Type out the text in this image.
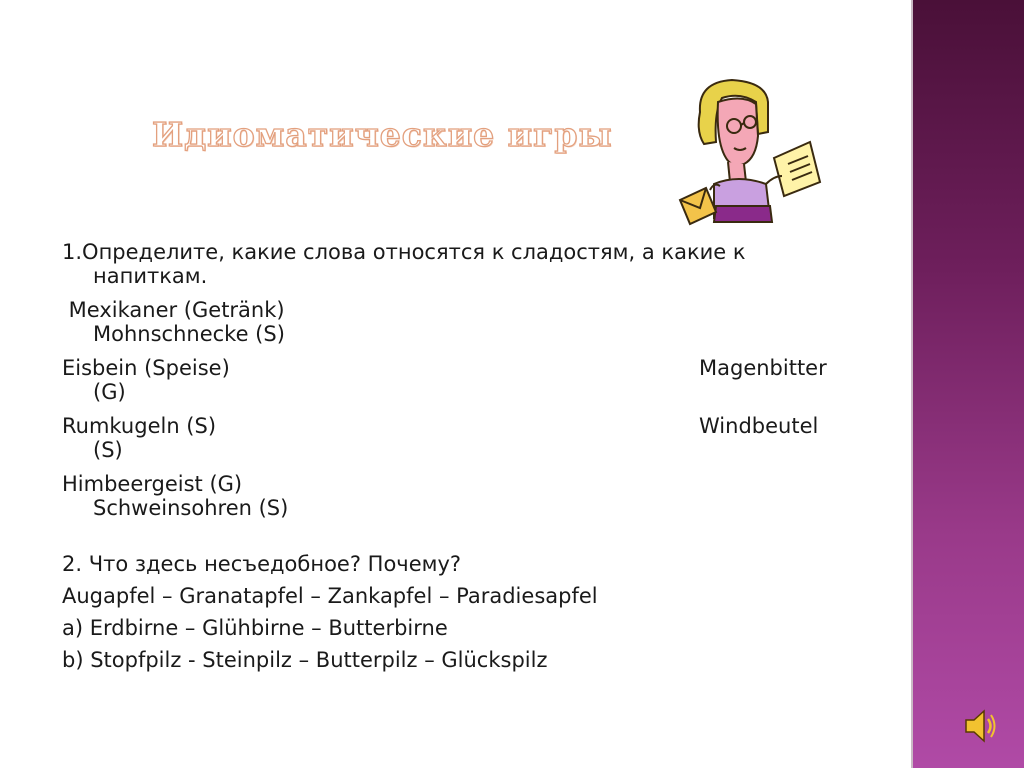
Идиоматические игры

1.Определите, какие слова относятся к сладостям, а какие к
напиткам.

Mexikaner (Getränk)
Mohnschnecke (S)

Eisbein (Speise)	Magenbitter
(G)

Rumkugeln (S)	Windbeutel
(S)

Himbeergeist (G)
Schweinsohren (S)

2. Что здесь несъедобное? Почему?
Augapfel – Granatapfel – Zankapfel – Paradiesapfel
a) Erdbirne – Glühbirne – Butterbirne
b) Stopfpilz - Steinpilz – Butterpilz – Glückspilz
